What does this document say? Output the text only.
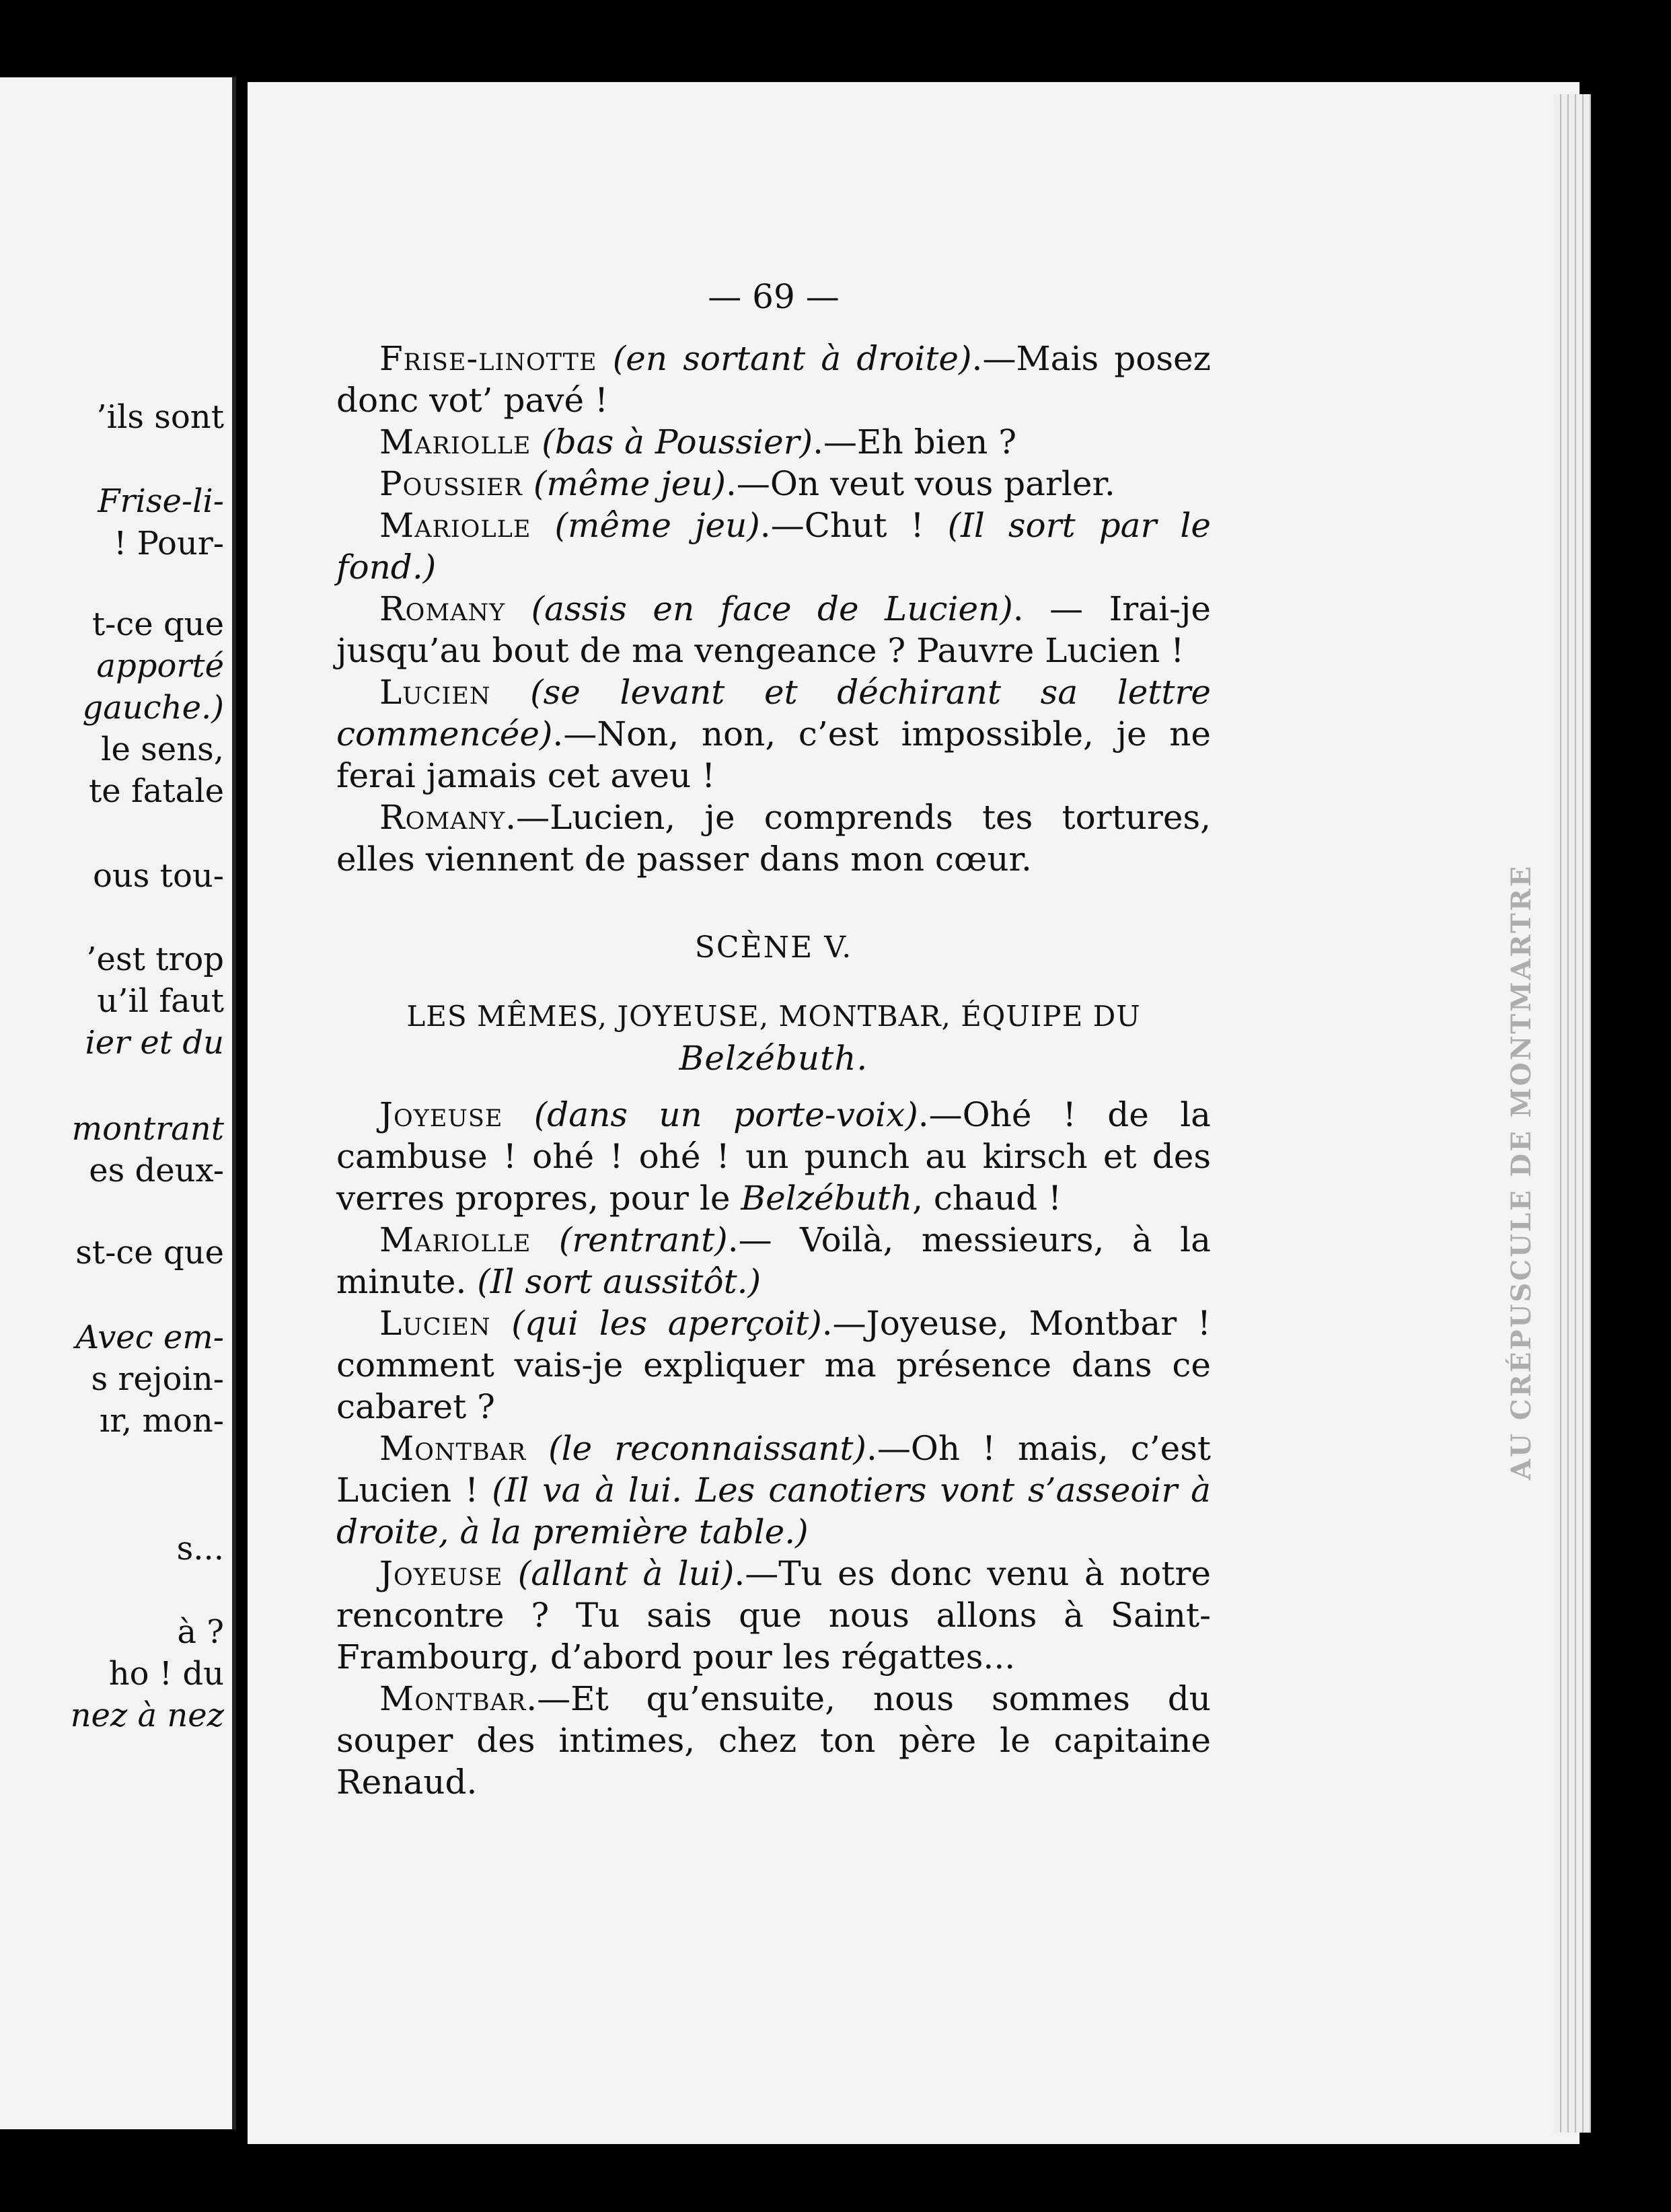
’ils sont
Frise-li-
! Pour-
t-ce que
apporté
gauche.)
le sens,
te fatale
ous tou-
’est trop
u’il faut
ier et du
montrant
es deux-
st-ce que
Avec em-
s rejoin-
ır, mon-
s...
à ?
ho ! du
nez à nez
AU CRÉPUSCULE DE MONTMARTRE
— 69 —

Frise-linotte (en sortant à droite).—Mais posez donc vot’ pavé !

Mariolle (bas à Poussier).—Eh bien ?

Poussier (même jeu).—On veut vous parler.

Mariolle (même jeu).—Chut ! (Il sort par le fond.)

Romany (assis en face de Lucien). — Irai-je jusqu’au bout de ma vengeance ? Pauvre Lucien !

Lucien (se levant et déchirant sa lettre commencée).—Non, non, c’est impossible, je ne ferai jamais cet aveu !

Romany.—Lucien, je comprends tes tortures, elles viennent de passer dans mon cœur.

SCÈNE V.
LES MÊMES, JOYEUSE, MONTBAR, ÉQUIPE DU
Belzébuth.

Joyeuse (dans un porte-voix).—Ohé ! de la cambuse ! ohé ! ohé ! un punch au kirsch et des verres propres, pour le Belzébuth, chaud !

Mariolle (rentrant).— Voilà, messieurs, à la minute. (Il sort aussitôt.)

Lucien (qui les aperçoit).—Joyeuse, Montbar ! comment vais-je expliquer ma présence dans ce cabaret ?

Montbar (le reconnaissant).—Oh ! mais, c’est Lucien ! (Il va à lui. Les canotiers vont s’asseoir à droite, à la première table.)

Joyeuse (allant à lui).—Tu es donc venu à notre rencontre ? Tu sais que nous allons à Saint-Frambourg, d’abord pour les régattes...

Montbar.—Et qu’ensuite, nous sommes du souper des intimes, chez ton père le capitaine Renaud.
